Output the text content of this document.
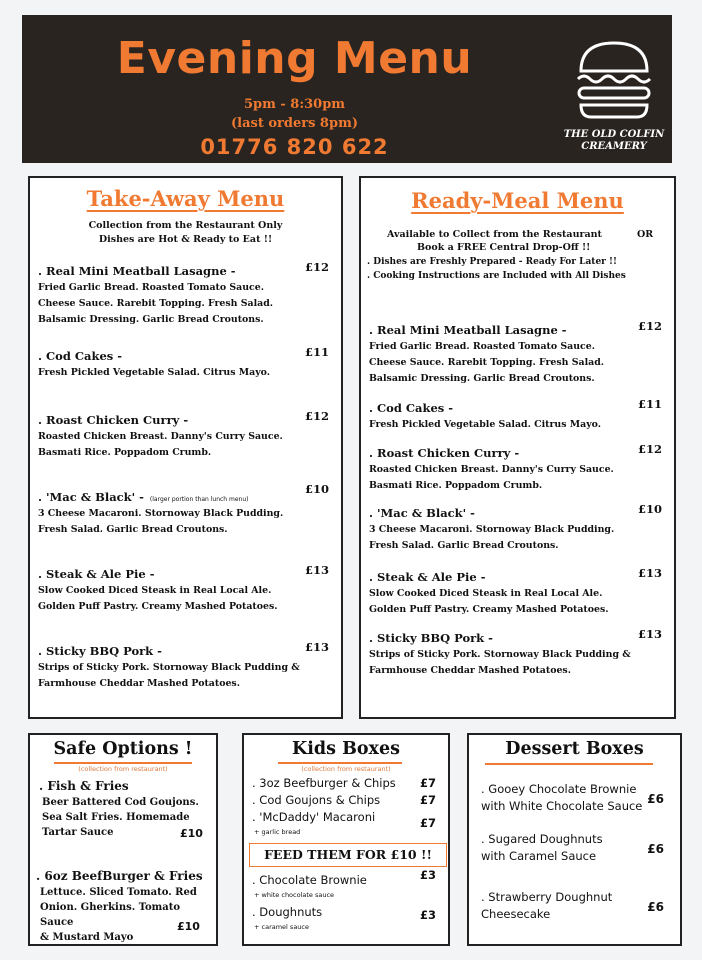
Evening Menu
5pm - 8:30pm
(last orders 8pm)
01776 820 622
THE OLD COLFIN
CREAMERY
Take-Away Menu
Collection from the Restaurant Only
Dishes are Hot & Ready to Eat !!
. Real Mini Meatball Lasagne -	£12
Fried Garlic Bread. Roasted Tomato Sauce.
Cheese Sauce. Rarebit Topping. Fresh Salad.
Balsamic Dressing. Garlic Bread Croutons.
. Cod Cakes -	£11
Fresh Pickled Vegetable Salad. Citrus Mayo.
. Roast Chicken Curry -	£12
Roasted Chicken Breast. Danny's Curry Sauce.
Basmati Rice. Poppadom Crumb.
. 'Mac & Black' - (larger portion than lunch menu)
£10
3 Cheese Macaroni. Stornoway Black Pudding.
Fresh Salad. Garlic Bread Croutons.
. Steak & Ale Pie -	£13
Slow Cooked Diced Steask in Real Local Ale.
Golden Puff Pastry. Creamy Mashed Potatoes.
. Sticky BBQ Pork -	£13
Strips of Sticky Pork. Stornoway Black Pudding &
Farmhouse Cheddar Mashed Potatoes.
Ready-Meal Menu
Available to Collect from the Restaurant	OR
Book a FREE Central Drop-Off !!
. Dishes are Freshly Prepared - Ready For Later !!
. Cooking Instructions are Included with All Dishes
. Real Mini Meatball Lasagne -	£12
Fried Garlic Bread. Roasted Tomato Sauce.
Cheese Sauce. Rarebit Topping. Fresh Salad.
Balsamic Dressing. Garlic Bread Croutons.
. Cod Cakes -	£11
Fresh Pickled Vegetable Salad. Citrus Mayo.
. Roast Chicken Curry -	£12
Roasted Chicken Breast. Danny's Curry Sauce.
Basmati Rice. Poppadom Crumb.
. 'Mac & Black' -	£10
3 Cheese Macaroni. Stornoway Black Pudding.
Fresh Salad. Garlic Bread Croutons.
. Steak & Ale Pie -	£13
Slow Cooked Diced Steask in Real Local Ale.
Golden Puff Pastry. Creamy Mashed Potatoes.
. Sticky BBQ Pork -	£13
Strips of Sticky Pork. Stornoway Black Pudding &
Farmhouse Cheddar Mashed Potatoes.
Safe Options !
(collection from restaurant)
. Fish & Fries
Beer Battered Cod Goujons.
Sea Salt Fries. Homemade
Tartar Sauce	£10
. 6oz BeefBurger & Fries
Lettuce. Sliced Tomato. Red
Onion. Gherkins. Tomato Sauce
& Mustard Mayo
£10
Kids Boxes
(collection from restaurant)
. 3oz Beefburger & Chips £7
. Cod Goujons & Chips	£7
. 'McDaddy' Macaroni	£7
+ garlic bread
FEED THEM FOR £10 !!
. Chocolate Brownie	£3
+ white chocolate sauce
. Doughnuts	£3
+ caramel sauce
Dessert Boxes
. Gooey Chocolate Brownie
with White Chocolate Sauce £6
. Sugared Doughnuts
with Caramel Sauce	£6
. Strawberry Doughnut
Cheesecake	£6
